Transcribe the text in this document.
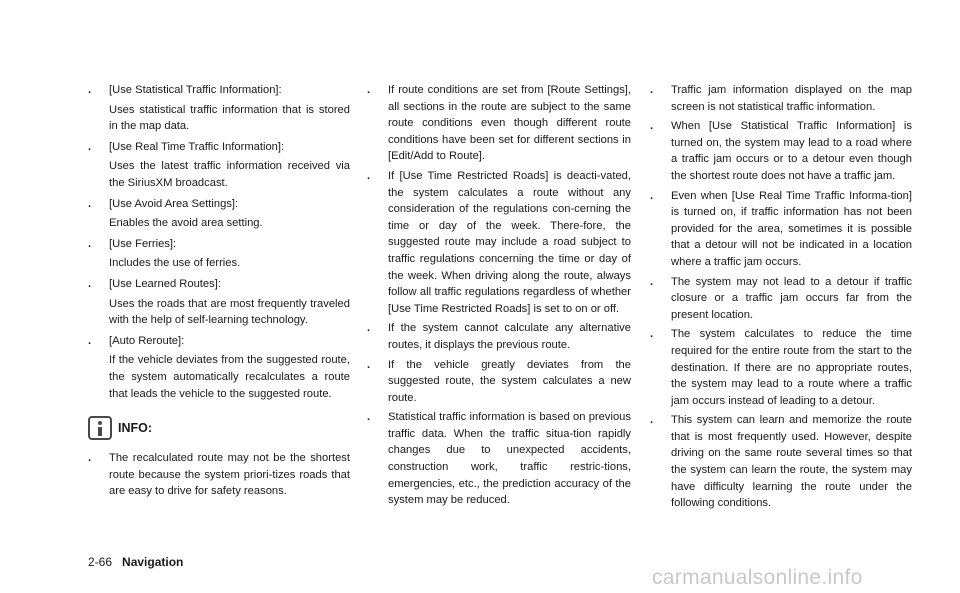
. [Use Statistical Traffic Information]:
Uses statistical traffic information that is stored in the map data.
. [Use Real Time Traffic Information]:
Uses the latest traffic information received via the SiriusXM broadcast.
. [Use Avoid Area Settings]:
Enables the avoid area setting.
. [Use Ferries]:
Includes the use of ferries.
. [Use Learned Routes]:
Uses the roads that are most frequently traveled with the help of self-learning technology.
. [Auto Reroute]:
If the vehicle deviates from the suggested route, the system automatically recalculates a route that leads the vehicle to the suggested route.
INFO:
. The recalculated route may not be the shortest route because the system priori-tizes roads that are easy to drive for safety reasons.
. If route conditions are set from [Route Settings], all sections in the route are subject to the same route conditions even though different route conditions have been set for different sections in [Edit/Add to Route].
. If [Use Time Restricted Roads] is deacti-vated, the system calculates a route without any consideration of the regulations con-cerning the time or day of the week. There-fore, the suggested route may include a road subject to traffic regulations concerning the time or day of the week. When driving along the route, always follow all traffic regulations regardless of whether [Use Time Restricted Roads] is set to on or off.
. If the system cannot calculate any alternative routes, it displays the previous route.
. If the vehicle greatly deviates from the suggested route, the system calculates a new route.
. Statistical traffic information is based on previous traffic data. When the traffic situa-tion rapidly changes due to unexpected accidents, construction work, traffic restric-tions, emergencies, etc., the prediction accuracy of the system may be reduced.
. Traffic jam information displayed on the map screen is not statistical traffic information.
. When [Use Statistical Traffic Information] is turned on, the system may lead to a road where a traffic jam occurs or to a detour even though the shortest route does not have a traffic jam.
. Even when [Use Real Time Traffic Informa-tion] is turned on, if traffic information has not been provided for the area, sometimes it is possible that a detour will not be indicated in a location where a traffic jam occurs.
. The system may not lead to a detour if traffic closure or a traffic jam occurs far from the present location.
. The system calculates to reduce the time required for the entire route from the start to the destination. If there are no appropriate routes, the system may lead to a route where a traffic jam occurs instead of leading to a detour.
. This system can learn and memorize the route that is most frequently used. However, despite driving on the same route several times so that the system can learn the route, the system may have difficulty learning the route under the following conditions.
2-66 Navigation
carmanualsonline.info
